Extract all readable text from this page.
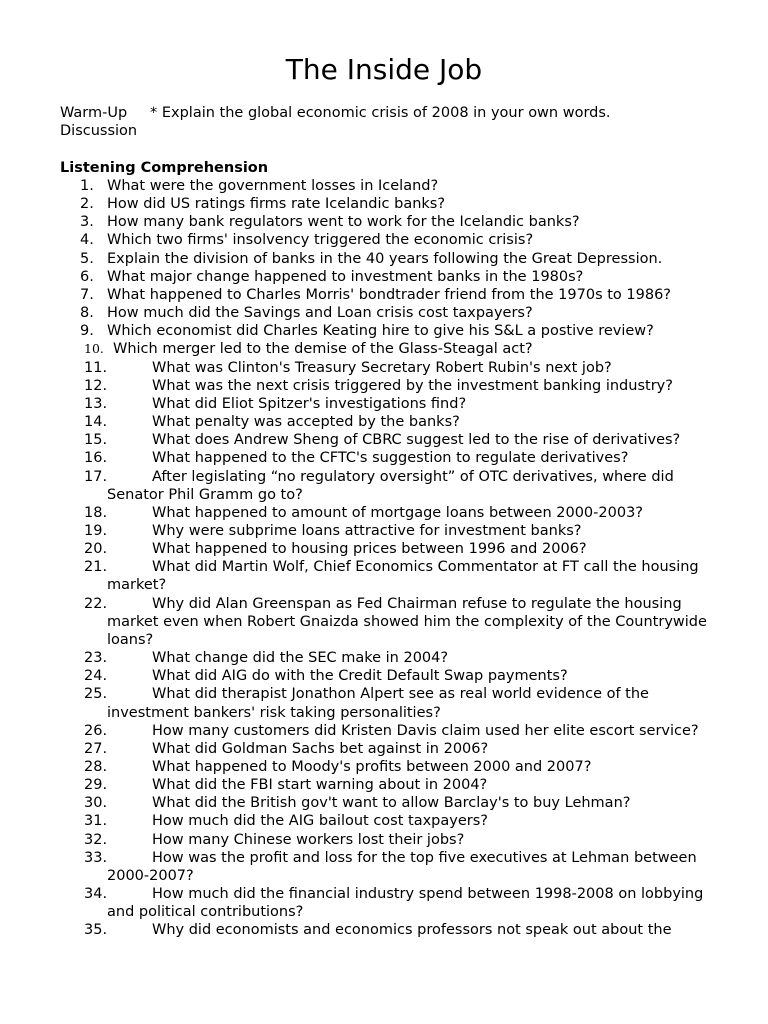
The Inside Job
Warm-Up * Explain the global economic crisis of 2008 in your own words.
Discussion
Listening Comprehension
1. What were the government losses in Iceland?
2. How did US ratings firms rate Icelandic banks?
3. How many bank regulators went to work for the Icelandic banks?
4. Which two firms' insolvency triggered the economic crisis?
5. Explain the division of banks in the 40 years following the Great Depression.
6. What major change happened to investment banks in the 1980s?
7. What happened to Charles Morris' bondtrader friend from the 1970s to 1986?
8. How much did the Savings and Loan crisis cost taxpayers?
9. Which economist did Charles Keating hire to give his S&L a postive review?
10. Which merger led to the demise of the Glass-Steagal act?
11.	What was Clinton's Treasury Secretary Robert Rubin's next job?
12.	What was the next crisis triggered by the investment banking industry?
13.	What did Eliot Spitzer's investigations find?
14.	What penalty was accepted by the banks?
15.	What does Andrew Sheng of CBRC suggest led to the rise of derivatives?
16.	What happened to the CFTC's suggestion to regulate derivatives?
17.	After legislating “no regulatory oversight” of OTC derivatives, where did Senator Phil Gramm go to?
18.	What happened to amount of mortgage loans between 2000-2003?
19.	Why were subprime loans attractive for investment banks?
20.	What happened to housing prices between 1996 and 2006?
21.	What did Martin Wolf, Chief Economics Commentator at FT call the housing market?
22.	Why did Alan Greenspan as Fed Chairman refuse to regulate the housing market even when Robert Gnaizda showed him the complexity of the Countrywide loans?
23.	What change did the SEC make in 2004?
24.	What did AIG do with the Credit Default Swap payments?
25.	What did therapist Jonathon Alpert see as real world evidence of the investment bankers' risk taking personalities?
26.	How many customers did Kristen Davis claim used her elite escort service?
27.	What did Goldman Sachs bet against in 2006?
28.	What happened to Moody's profits between 2000 and 2007?
29.	What did the FBI start warning about in 2004?
30.	What did the British gov't want to allow Barclay's to buy Lehman?
31.	How much did the AIG bailout cost taxpayers?
32.	How many Chinese workers lost their jobs?
33.	How was the profit and loss for the top five executives at Lehman between 2000-2007?
34.	How much did the financial industry spend between 1998-2008 on lobbying and political contributions?
35.	Why did economists and economics professors not speak out about the
